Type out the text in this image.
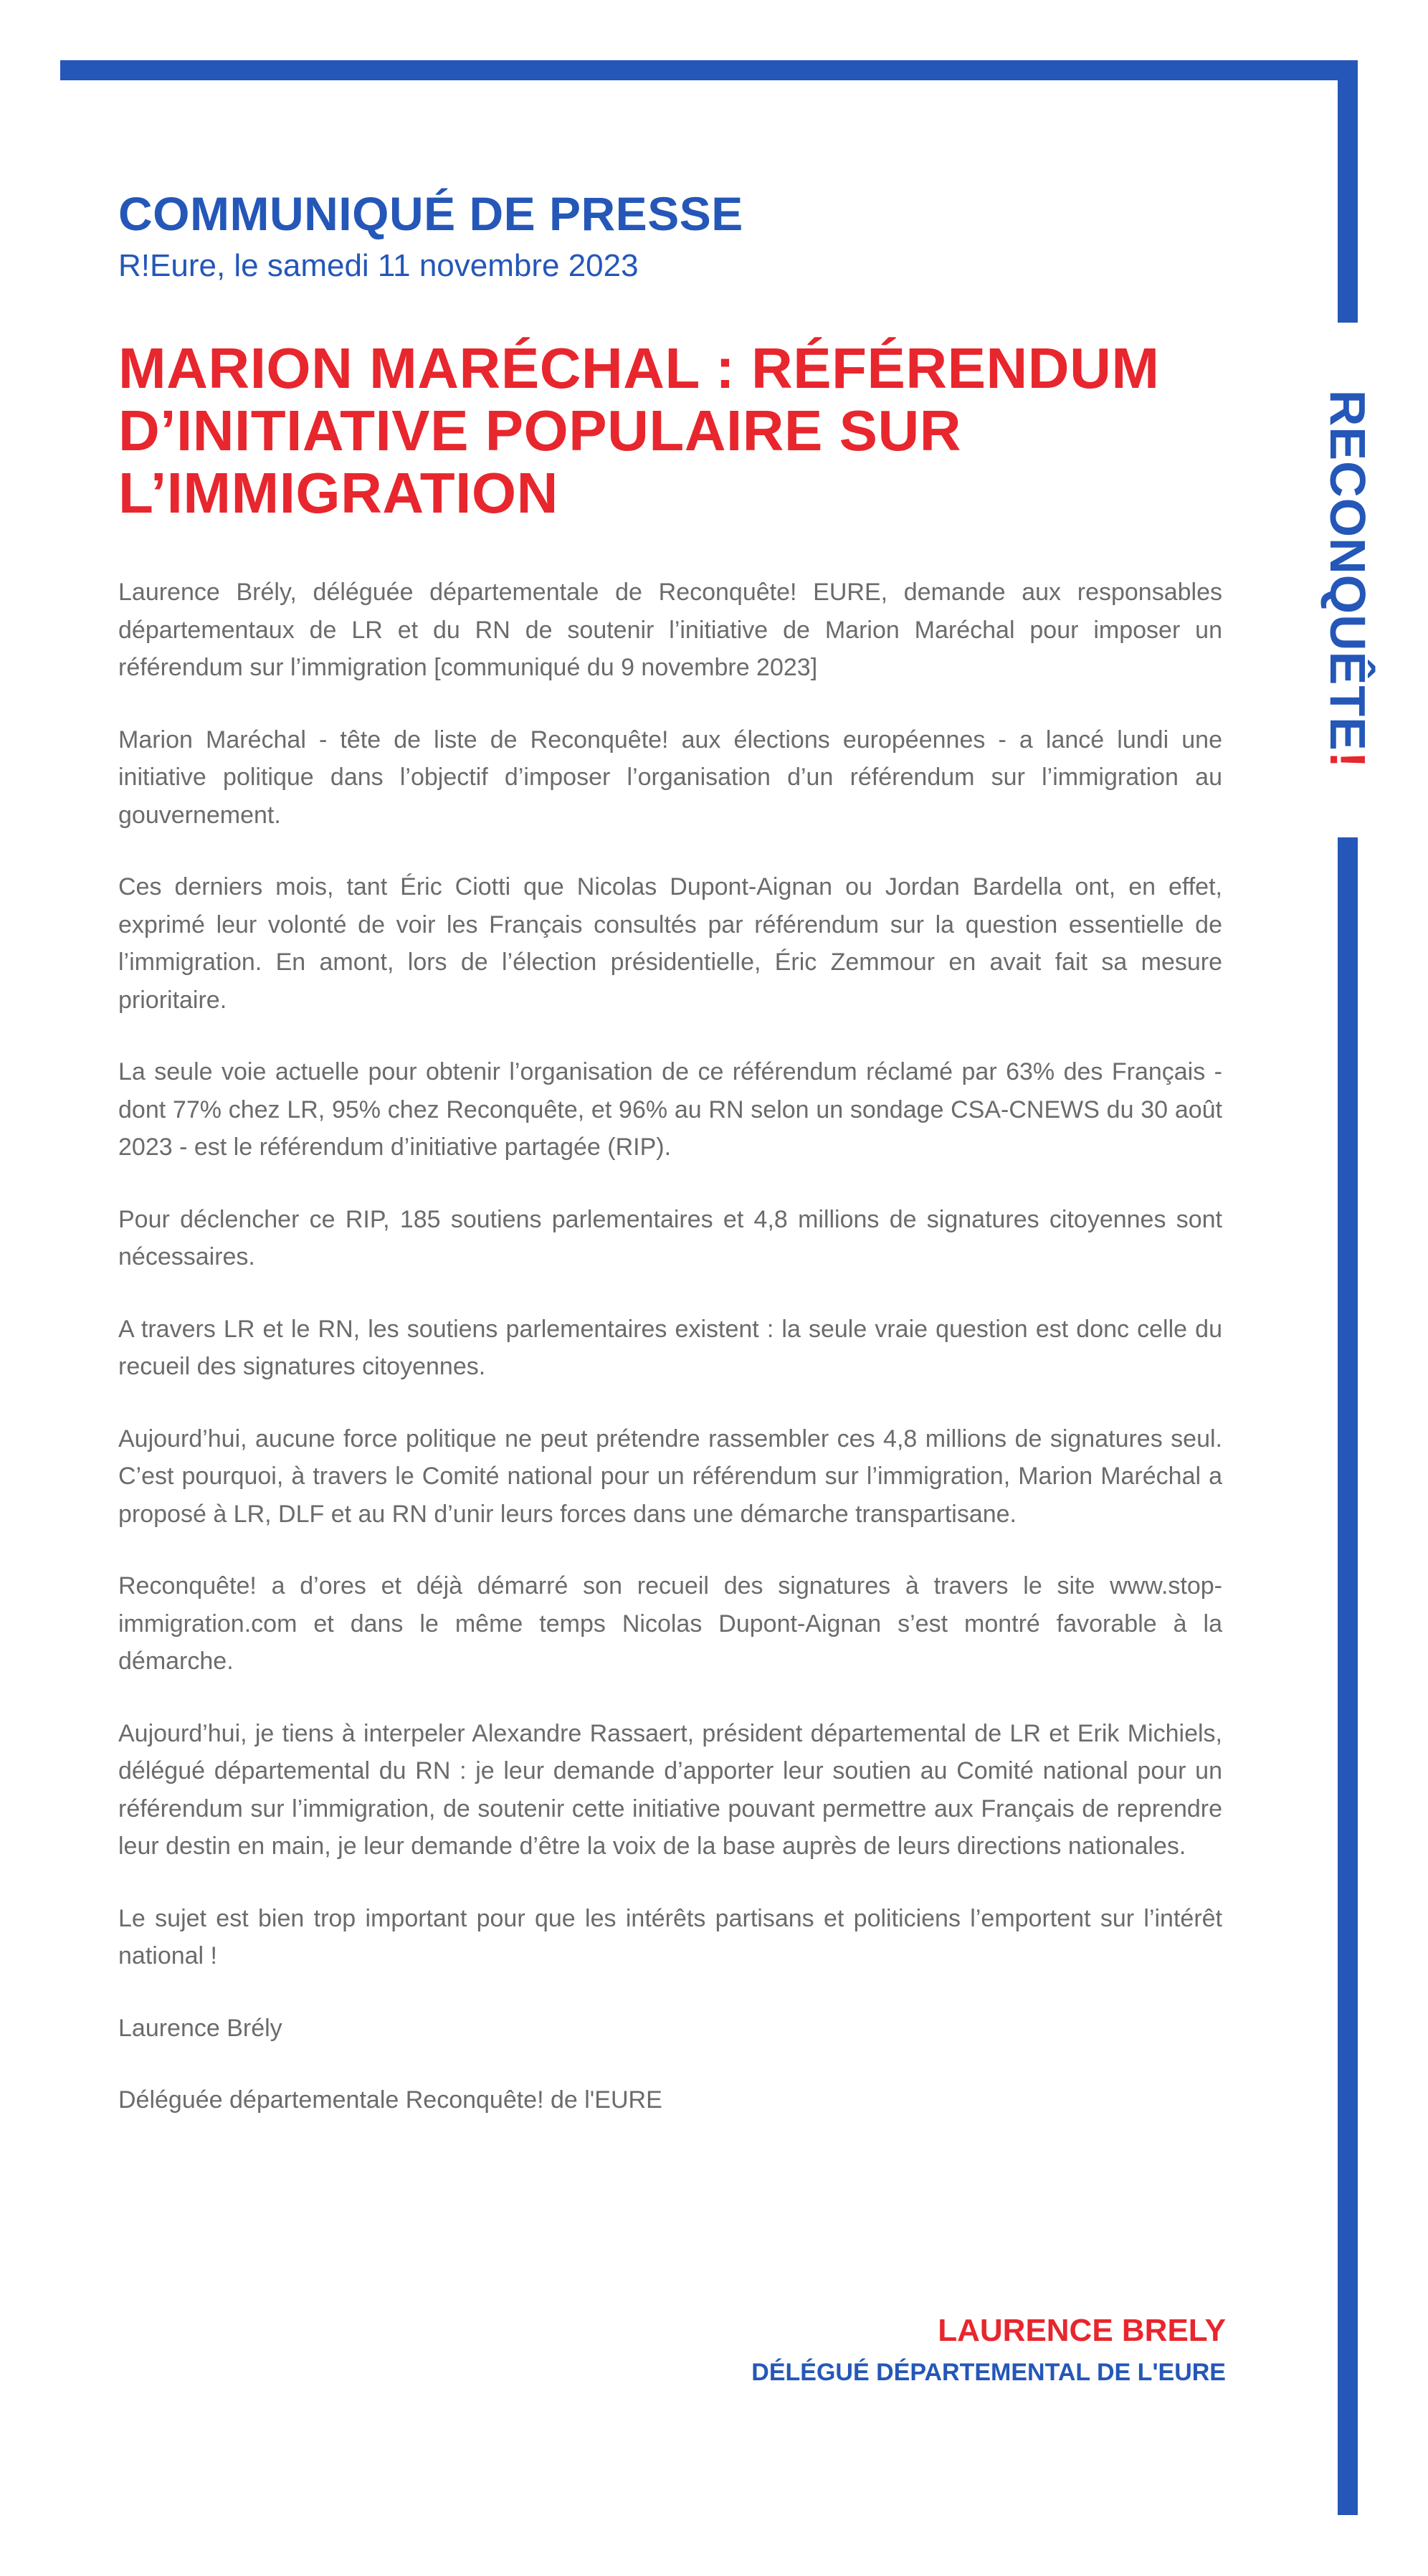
RECONQUÊTE!
COMMUNIQUÉ DE PRESSE
R!Eure, le samedi 11 novembre 2023
MARION MARÉCHAL : RÉFÉRENDUM
D’INITIATIVE POPULAIRE SUR
L’IMMIGRATION

Laurence Brély, déléguée départementale de Reconquête! EURE, demande aux responsables départementaux de LR et du RN de soutenir l’initiative de Marion Maréchal pour imposer un référendum sur l’immigration [communiqué du 9 novembre 2023]

Marion Maréchal - tête de liste de Reconquête! aux élections européennes - a lancé lundi une initiative politique dans l’objectif d’imposer l’organisation d’un référendum sur l’immigration au gouvernement.

Ces derniers mois, tant Éric Ciotti que Nicolas Dupont-Aignan ou Jordan Bardella ont, en effet, exprimé leur volonté de voir les Français consultés par référendum sur la question essentielle de l’immigration. En amont, lors de l’élection présidentielle, Éric Zemmour en avait fait sa mesure prioritaire.

La seule voie actuelle pour obtenir l’organisation de ce référendum réclamé par 63% des Français - dont 77% chez LR, 95% chez Reconquête, et 96% au RN selon un sondage CSA-CNEWS du 30 août 2023 - est le référendum d’initiative partagée (RIP).

Pour déclencher ce RIP, 185 soutiens parlementaires et 4,8 millions de signatures citoyennes sont nécessaires.

A travers LR et le RN, les soutiens parlementaires existent : la seule vraie question est donc celle du recueil des signatures citoyennes.

Aujourd’hui, aucune force politique ne peut prétendre rassembler ces 4,8 millions de signatures seul. C’est pourquoi, à travers le Comité national pour un référendum sur l’immigration, Marion Maréchal a proposé à LR, DLF et au RN d’unir leurs forces dans une démarche transpartisane.

Reconquête! a d’ores et déjà démarré son recueil des signatures à travers le site www.stop-immigration.com et dans le même temps Nicolas Dupont-Aignan s’est montré favorable à la démarche.

Aujourd’hui, je tiens à interpeler Alexandre Rassaert, président départemental de LR et Erik Michiels, délégué départemental du RN : je leur demande d’apporter leur soutien au Comité national pour un référendum sur l’immigration, de soutenir cette initiative pouvant permettre aux Français de reprendre leur destin en main, je leur demande d’être la voix de la base auprès de leurs directions nationales.

Le sujet est bien trop important pour que les intérêts partisans et politiciens l’emportent sur l’intérêt national !

Laurence Brély

Déléguée départementale Reconquête! de l'EURE

LAURENCE BRELY
DÉLÉGUÉ DÉPARTEMENTAL DE L'EURE
